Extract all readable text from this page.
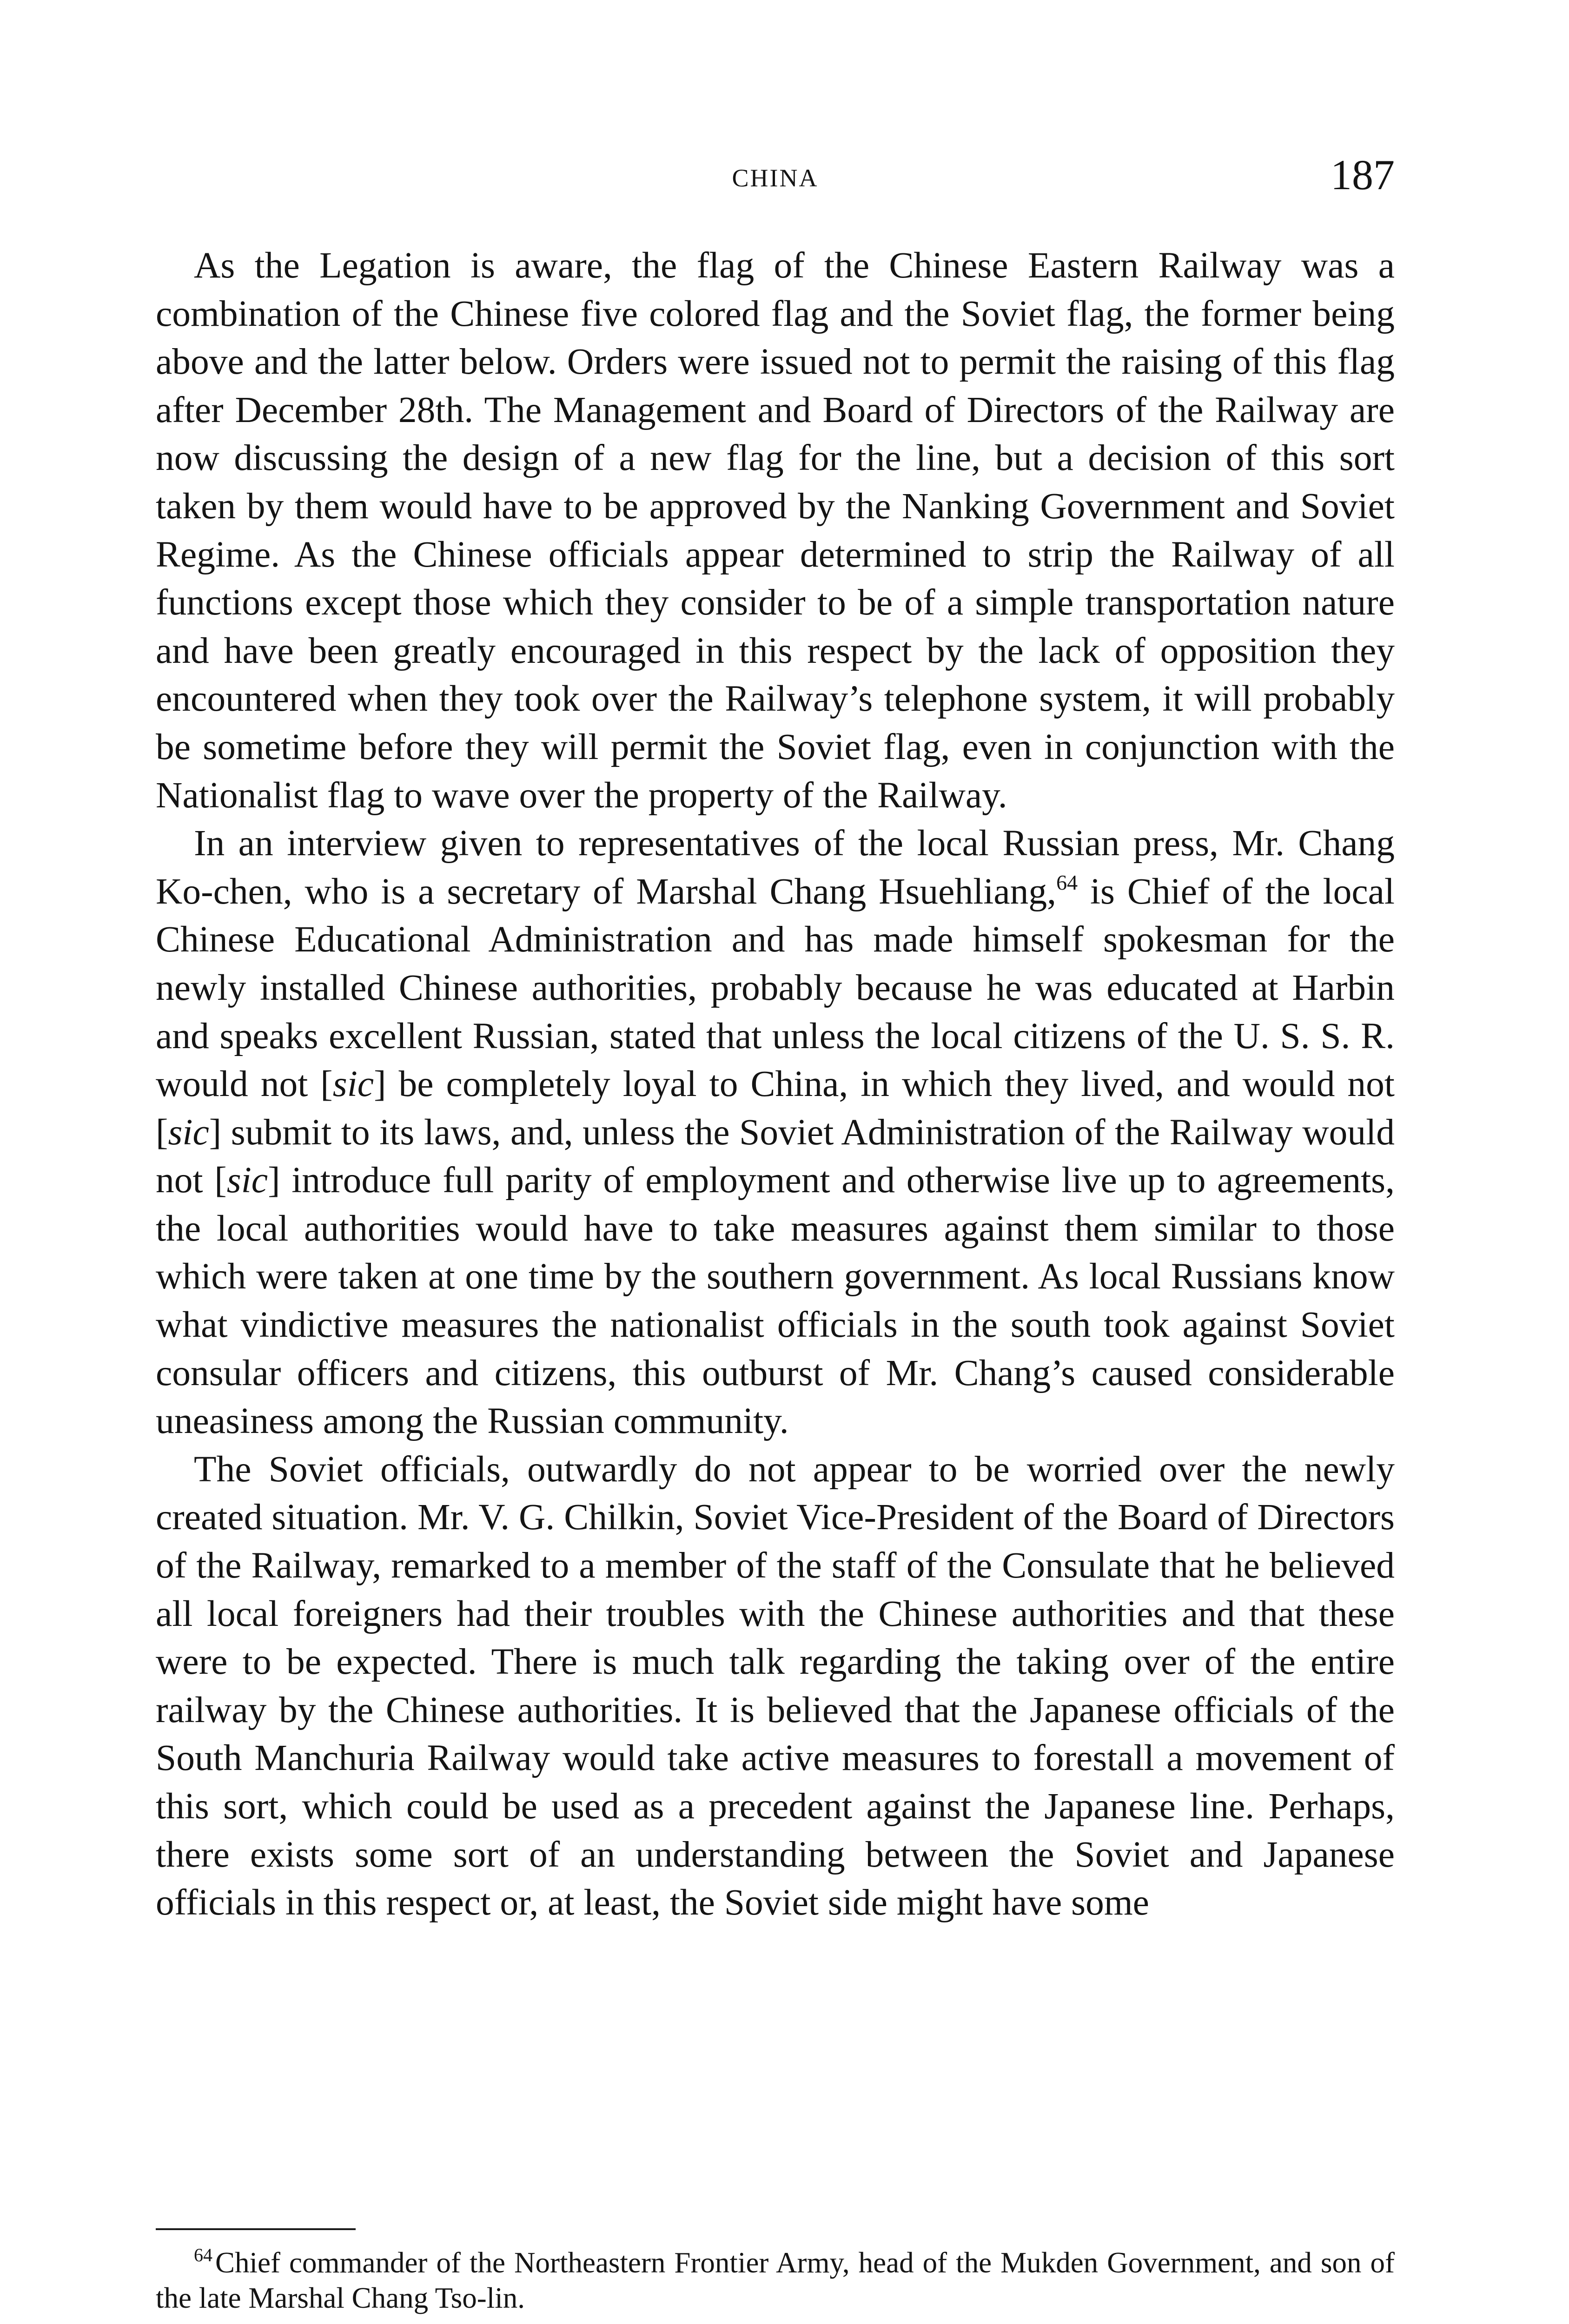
CHINA	187

As the Legation is aware, the flag of the Chinese Eastern Railway was a combination of the Chinese five colored flag and the Soviet flag, the former being above and the latter below. Orders were issued not to permit the raising of this flag after December 28th. The Management and Board of Directors of the Railway are now discussing the design of a new flag for the line, but a decision of this sort taken by them would have to be approved by the Nanking Government and Soviet Regime. As the Chinese officials appear determined to strip the Railway of all functions except those which they consider to be of a simple transportation nature and have been greatly encouraged in this respect by the lack of opposition they encountered when they took over the Railway’s telephone system, it will probably be sometime before they will permit the Soviet flag, even in conjunction with the Nationalist flag to wave over the property of the Railway.

In an interview given to representatives of the local Russian press, Mr. Chang Ko-chen, who is a secretary of Marshal Chang Hsuehliang,$^{64}$ is Chief of the local Chinese Educational Administration and has made himself spokesman for the newly installed Chinese authorities, probably because he was educated at Harbin and speaks excellent Russian, stated that unless the local citizens of the U. S. S. R. would not [sic] be completely loyal to China, in which they lived, and would not [sic] submit to its laws, and, unless the Soviet Administration of the Railway would not [sic] introduce full parity of employment and otherwise live up to agreements, the local authorities would have to take measures against them similar to those which were taken at one time by the southern government. As local Russians know what vindictive measures the nationalist officials in the south took against Soviet consular officers and citizens, this outburst of Mr. Chang’s caused considerable uneasiness among the Russian community.

The Soviet officials, outwardly do not appear to be worried over the newly created situation. Mr. V. G. Chilkin, Soviet Vice-President of the Board of Directors of the Railway, remarked to a member of the staff of the Consulate that he believed all local foreigners had their troubles with the Chinese authorities and that these were to be expected. There is much talk regarding the taking over of the entire railway by the Chinese authorities. It is believed that the Japanese officials of the South Manchuria Railway would take active measures to forestall a movement of this sort, which could be used as a precedent against the Japanese line. Perhaps, there exists some sort of an understanding between the Soviet and Japanese officials in this respect or, at least, the Soviet side might have some

$^{64}$Chief commander of the Northeastern Frontier Army, head of the Mukden Government, and son of the late Marshal Chang Tso-lin.
